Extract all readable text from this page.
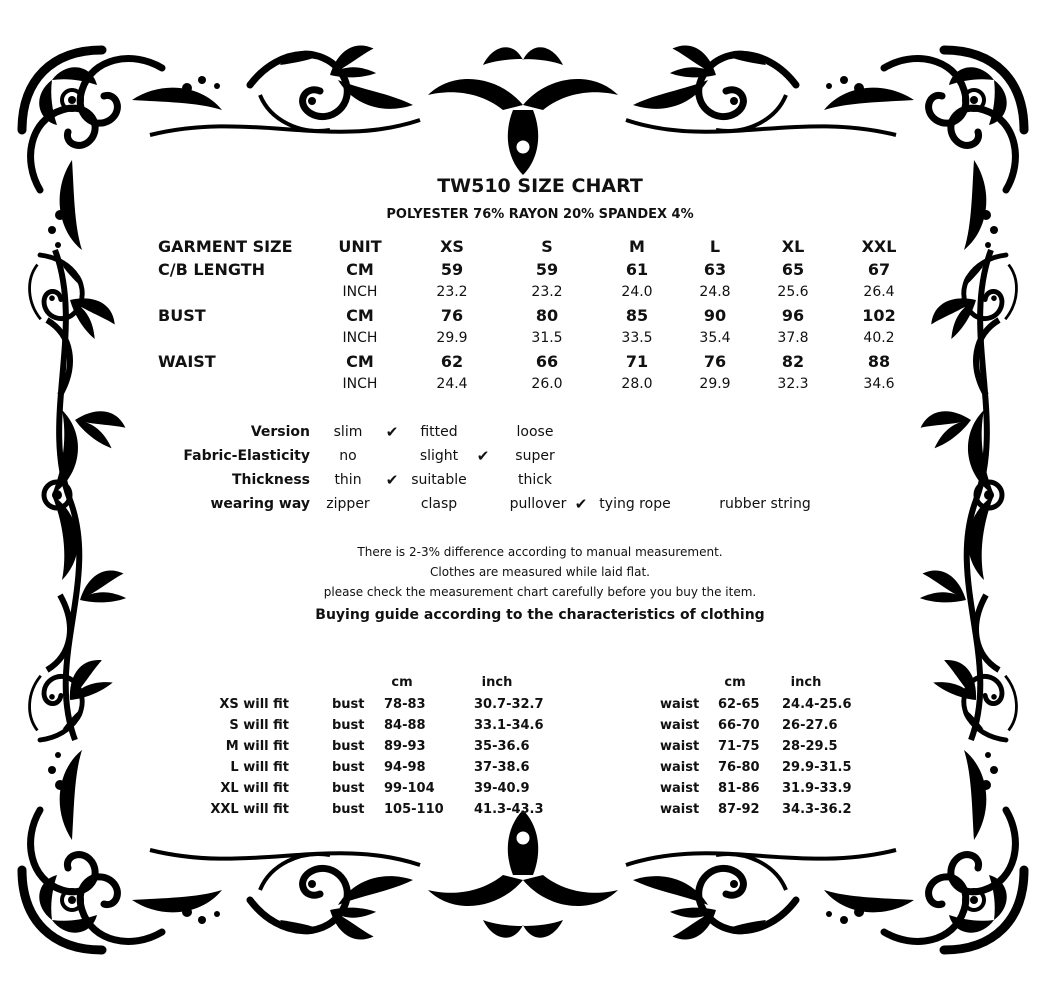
TW510 SIZE CHART
POLYESTER 76% RAYON 20% SPANDEX 4%
GARMENT SIZE	UNIT	XS	S	M	L	XL	XXL
C/B LENGTH	CM	59	59	61	63	65	67
INCH	23.2	23.2	24.0	24.8	25.6	26.4
BUST	CM	76	80	85	90	96	102
INCH	29.9	31.5	33.5	35.4	37.8	40.2
WAIST	CM	62	66	71	76	82	88
INCH	24.4	26.0	28.0	29.9	32.3	34.6
Version slim ✔ fitted	loose
Fabric-Elasticity no	slight ✔ super
Thickness thin ✔ suitable	thick
wearing way zipper	clasp	pullover ✔ tying rope	rubber string
There is 2-3% difference according to manual measurement.
Clothes are measured while laid flat.
please check the measurement chart carefully before you buy the item.
Buying guide according to the characteristics of clothing
cm	inch	cm	inch
XS will fit	bust 78-83	30.7-32.7	waist 62-65 24.4-25.6
S will fit	bust 84-88	33.1-34.6	waist 66-70 26-27.6
M will fit	bust 89-93	35-36.6	waist 71-75 28-29.5
L will fit	bust 94-98	37-38.6	waist 76-80 29.9-31.5
XL will fit	bust 99-104	39-40.9	waist 81-86 31.9-33.9
XXL will fit	bust 105-110 41.3-43.3	waist 87-92 34.3-36.2
